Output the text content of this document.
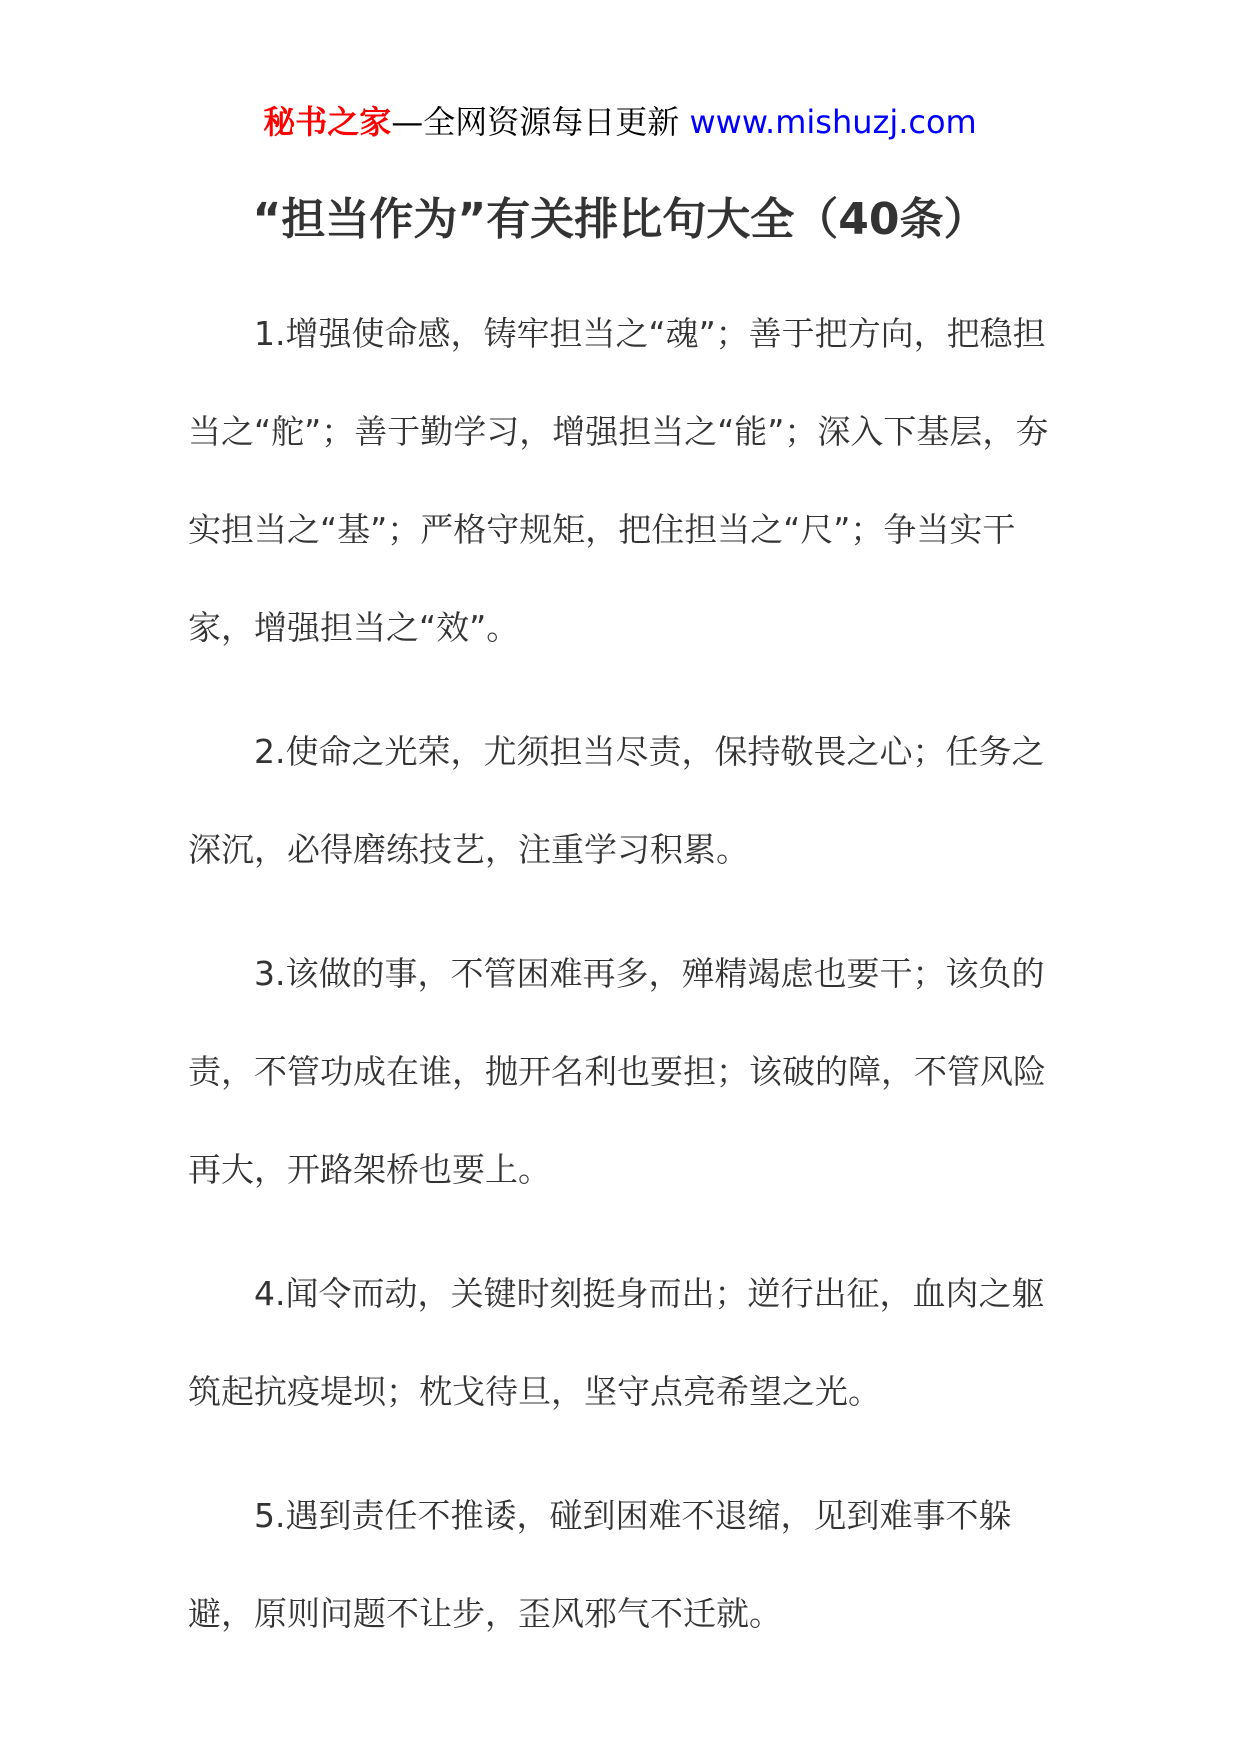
秘书之家—全网资源每日更新 www.mishuzj.com
“担当作为”有关排比句大全（40条）

1.增强使命感，铸牢担当之“魂”；善于把方向，把稳担当之“舵”；善于勤学习，增强担当之“能”；深入下基层，夯实担当之“基”；严格守规矩，把住担当之“尺”；争当实干家，增强担当之“效”。

2.使命之光荣，尤须担当尽责，保持敬畏之心；任务之深沉，必得磨练技艺，注重学习积累。

3.该做的事，不管困难再多，殚精竭虑也要干；该负的责，不管功成在谁，抛开名利也要担；该破的障，不管风险再大，开路架桥也要上。

4.闻令而动，关键时刻挺身而出；逆行出征，血肉之躯筑起抗疫堤坝；枕戈待旦，坚守点亮希望之光。

5.遇到责任不推诿，碰到困难不退缩，见到难事不躲避，原则问题不让步，歪风邪气不迁就。
